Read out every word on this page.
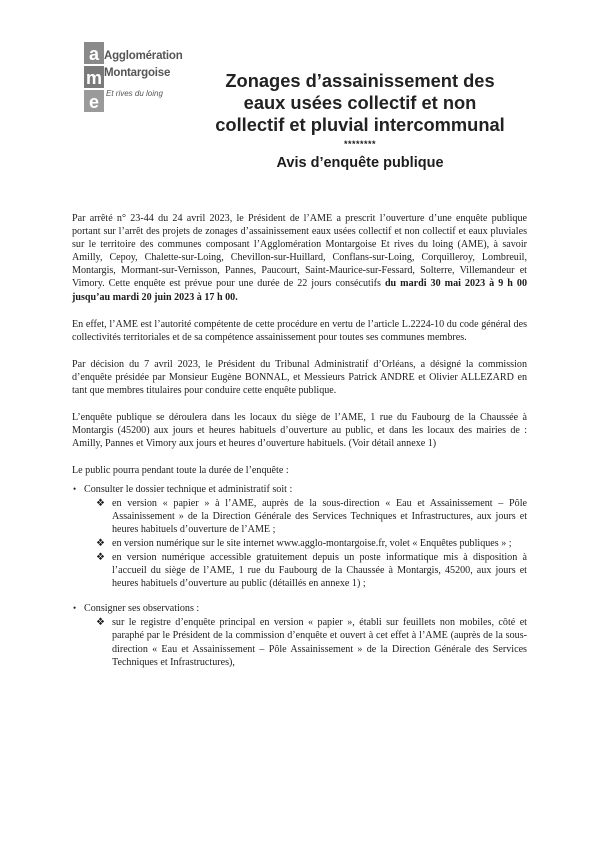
a
m
e
Agglomération
Montargoise
Et rives du loing
Zonages d’assainissement des
eaux usées collectif et non
collectif et pluvial intercommunal
********
Avis d’enquête publique

Par arrêté n° 23-44 du 24 avril 2023, le Président de l’AME a prescrit l’ouverture d’une enquête publique portant sur l’arrêt des projets de zonages d’assainissement eaux usées collectif et non collectif et eaux pluviales sur le territoire des communes composant l’Agglomération Montargoise Et rives du loing (AME), à savoir Amilly, Cepoy, Chalette-sur-Loing, Chevillon-sur-Huillard, Conflans-sur-Loing, Corquilleroy, Lombreuil, Montargis, Mormant-sur-Vernisson, Pannes, Paucourt, Saint-Maurice-sur-Fessard, Solterre, Villemandeur et Vimory. Cette enquête est prévue pour une durée de 22 jours consécutifs du mardi 30 mai 2023 à 9 h 00 jusqu’au mardi 20 juin 2023 à 17 h 00.

En effet, l’AME est l’autorité compétente de cette procédure en vertu de l’article L.2224-10 du code général des collectivités territoriales et de sa compétence assainissement pour toutes ses communes membres.

Par décision du 7 avril 2023, le Président du Tribunal Administratif d’Orléans, a désigné la commission d’enquête présidée par Monsieur Eugène BONNAL, et Messieurs Patrick ANDRE et Olivier ALLEZARD en tant que membres titulaires pour conduire cette enquête publique.

L’enquête publique se déroulera dans les locaux du siège de l’AME, 1 rue du Faubourg de la Chaussée à Montargis (45200) aux jours et heures habituels d’ouverture au public, et dans les locaux des mairies de : Amilly, Pannes et Vimory aux jours et heures d’ouverture habituels. (Voir détail annexe 1)

Le public pourra pendant toute la durée de l’enquête :

• Consulter le dossier technique et administratif soit :
❖ en version « papier » à l’AME, auprès de la sous-direction « Eau et Assainissement – Pôle Assainissement » de la Direction Générale des Services Techniques et Infrastructures, aux jours et heures habituels d’ouverture de l’AME ;
❖ en version numérique sur le site internet www.agglo-montargoise.fr, volet « Enquêtes publiques » ;
❖ en version numérique accessible gratuitement depuis un poste informatique mis à disposition à l’accueil du siège de l’AME, 1 rue du Faubourg de la Chaussée à Montargis, 45200, aux jours et heures habituels d’ouverture au public (détaillés en annexe 1) ;
• Consigner ses observations :
❖ sur le registre d’enquête principal en version « papier », établi sur feuillets non mobiles, côté et paraphé par le Président de la commission d’enquête et ouvert à cet effet à l’AME (auprès de la sous-direction « Eau et Assainissement – Pôle Assainissement » de la Direction Générale des Services Techniques et Infrastructures),
